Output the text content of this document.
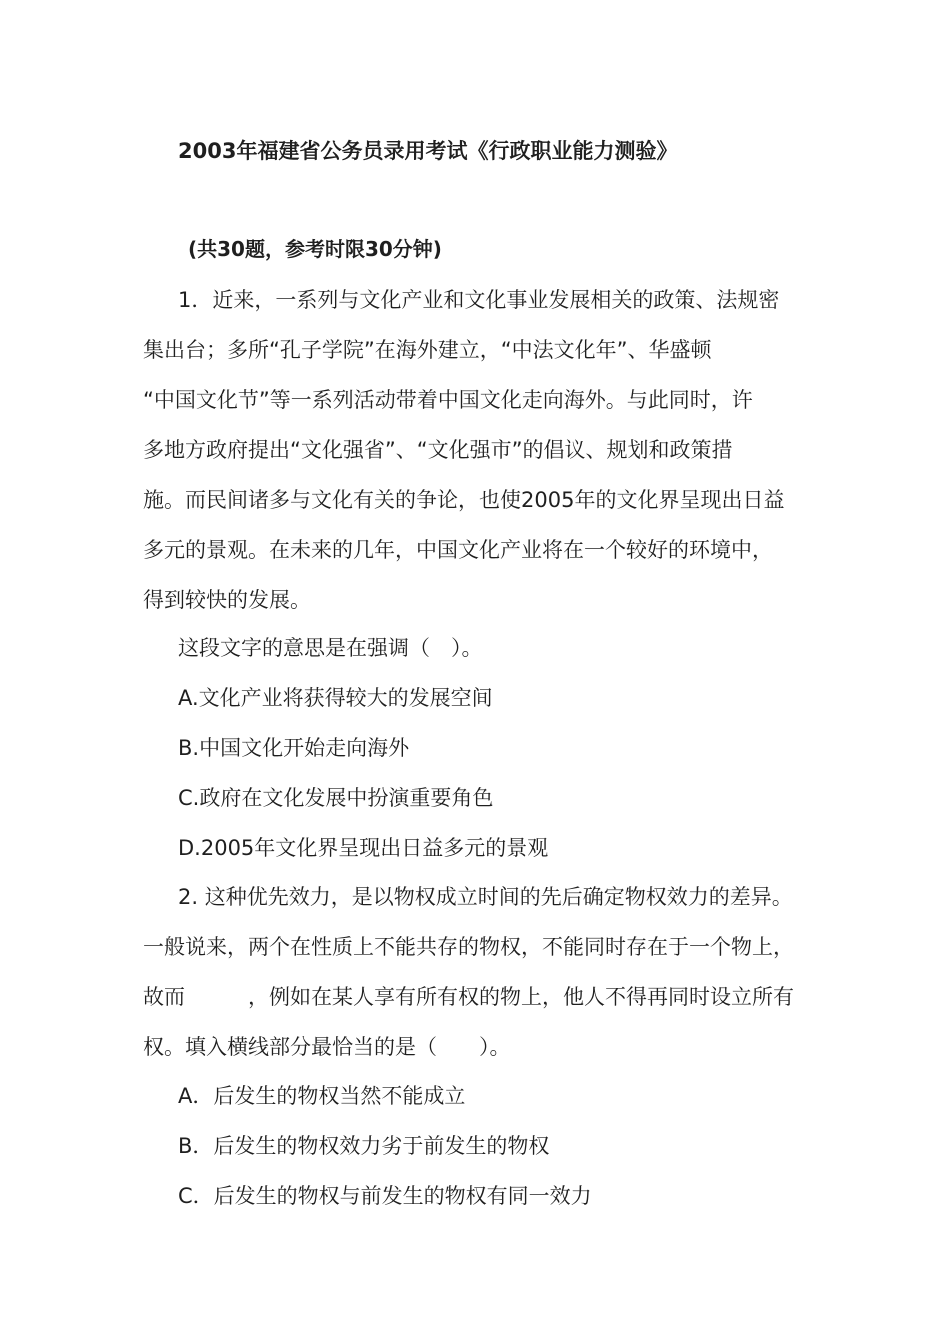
2003年福建省公务员录用考试《行政职业能力测验》
(共30题，参考时限30分钟)
1．近来，一系列与文化产业和文化事业发展相关的政策、法规密
集出台；多所“孔子学院”在海外建立，“中法文化年”、华盛顿
“中国文化节”等一系列活动带着中国文化走向海外。与此同时，许
多地方政府提出“文化强省”、“文化强市”的倡议、规划和政策措
施。而民间诸多与文化有关的争论，也使2005年的文化界呈现出日益
多元的景观。在未来的几年，中国文化产业将在一个较好的环境中，
得到较快的发展。
这段文字的意思是在强调（　）。
A.文化产业将获得较大的发展空间
B.中国文化开始走向海外
C.政府在文化发展中扮演重要角色
D.2005年文化界呈现出日益多元的景观
2. 这种优先效力，是以物权成立时间的先后确定物权效力的差异。
一般说来，两个在性质上不能共存的物权，不能同时存在于一个物上，
故而　　　，例如在某人享有所有权的物上，他人不得再同时设立所有
权。填入横线部分最恰当的是（　　）。
A．后发生的物权当然不能成立
B．后发生的物权效力劣于前发生的物权
C．后发生的物权与前发生的物权有同一效力
